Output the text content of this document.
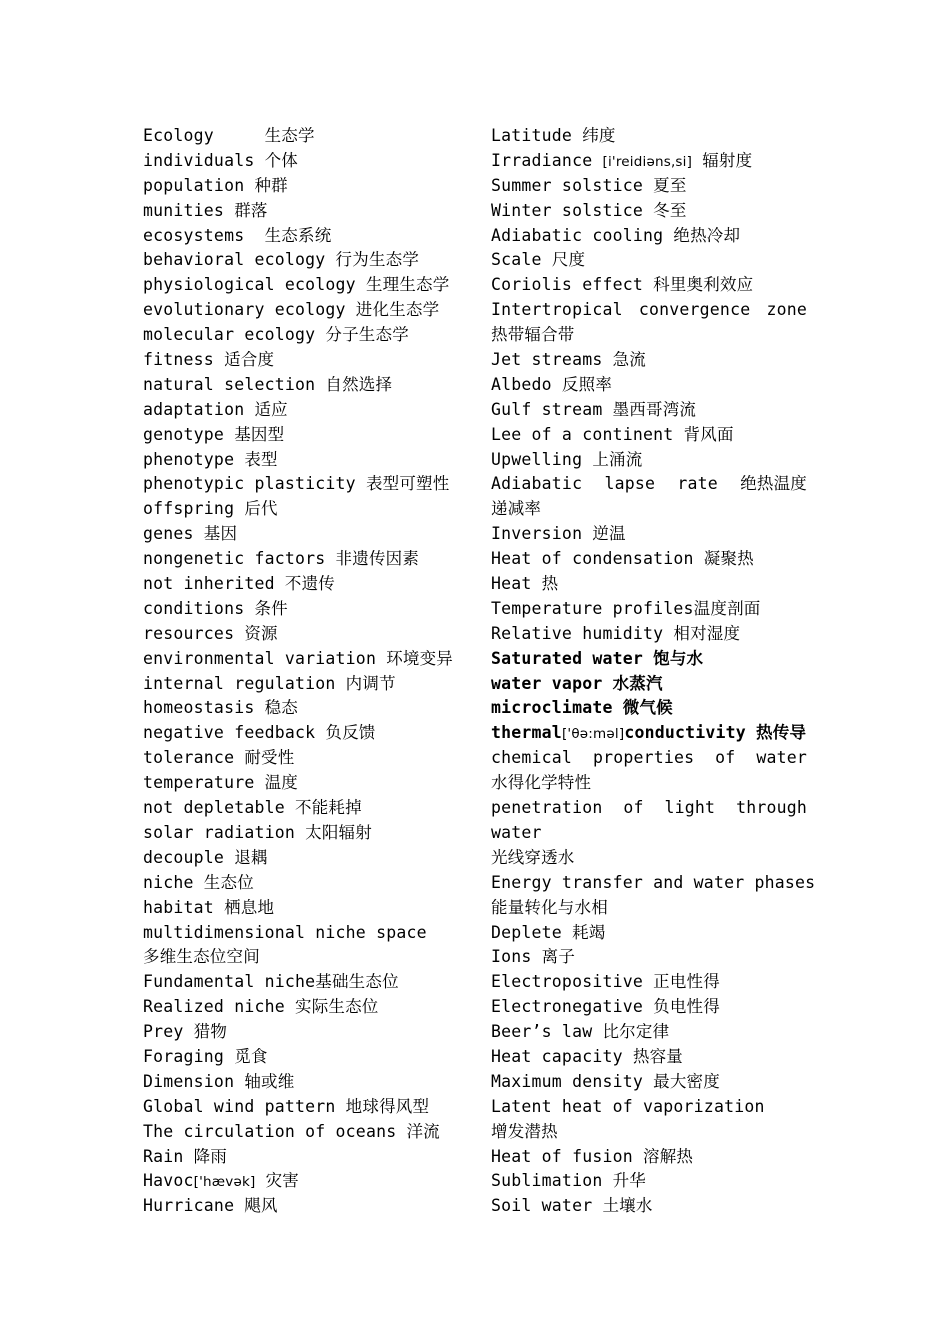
Ecology     生态学
individuals 个体
population 种群
munities 群落
ecosystems  生态系统
behavioral ecology 行为生态学
physiological ecology 生理生态学
evolutionary ecology 进化生态学
molecular ecology 分子生态学
fitness 适合度
natural selection 自然选择
adaptation 适应
genotype 基因型
phenotype 表型
phenotypic plasticity 表型可塑性
offspring 后代
genes 基因
nongenetic factors 非遗传因素
not inherited 不遗传
conditions 条件
resources 资源
environmental variation 环境变异
internal regulation 内调节
homeostasis 稳态
negative feedback 负反馈
tolerance 耐受性
temperature 温度
not depletable 不能耗掉
solar radiation 太阳辐射
decouple 退耦
niche 生态位
habitat 栖息地
multidimensional niche space
多维生态位空间
Fundamental niche基础生态位
Realized niche 实际生态位
Prey 猎物
Foraging 觅食
Dimension 轴或维
Global wind pattern 地球得风型
The circulation of oceans 洋流
Rain 降雨
Havoc['hævək] 灾害
Hurricane 飓风
Latitude 纬度
Irradiance [i'reidiəns,si] 辐射度
Summer solstice 夏至
Winter solstice 冬至
Adiabatic cooling 绝热冷却
Scale 尺度
Coriolis effect 科里奥利效应
Intertropical convergence zone
热带辐合带
Jet streams 急流
Albedo 反照率
Gulf stream 墨西哥湾流
Lee of a continent 背风面
Upwelling 上涌流
Adiabatic lapse rate 绝热温度
递减率
Inversion 逆温
Heat of condensation 凝聚热
Heat 热
Temperature profiles温度剖面
Relative humidity 相对湿度
Saturated water 饱与水
water vapor 水蒸汽
microclimate 微气候
thermal['θə:məl]conductivity 热传导
chemical properties of water
水得化学特性
penetration of light through
water
光线穿透水
Energy transfer and water phases
能量转化与水相
Deplete 耗竭
Ions 离子
Electropositive 正电性得
Electronegative 负电性得
Beer’s law 比尔定律
Heat capacity 热容量
Maximum density 最大密度
Latent heat of vaporization
增发潜热
Heat of fusion 溶解热
Sublimation 升华
Soil water 土壤水
